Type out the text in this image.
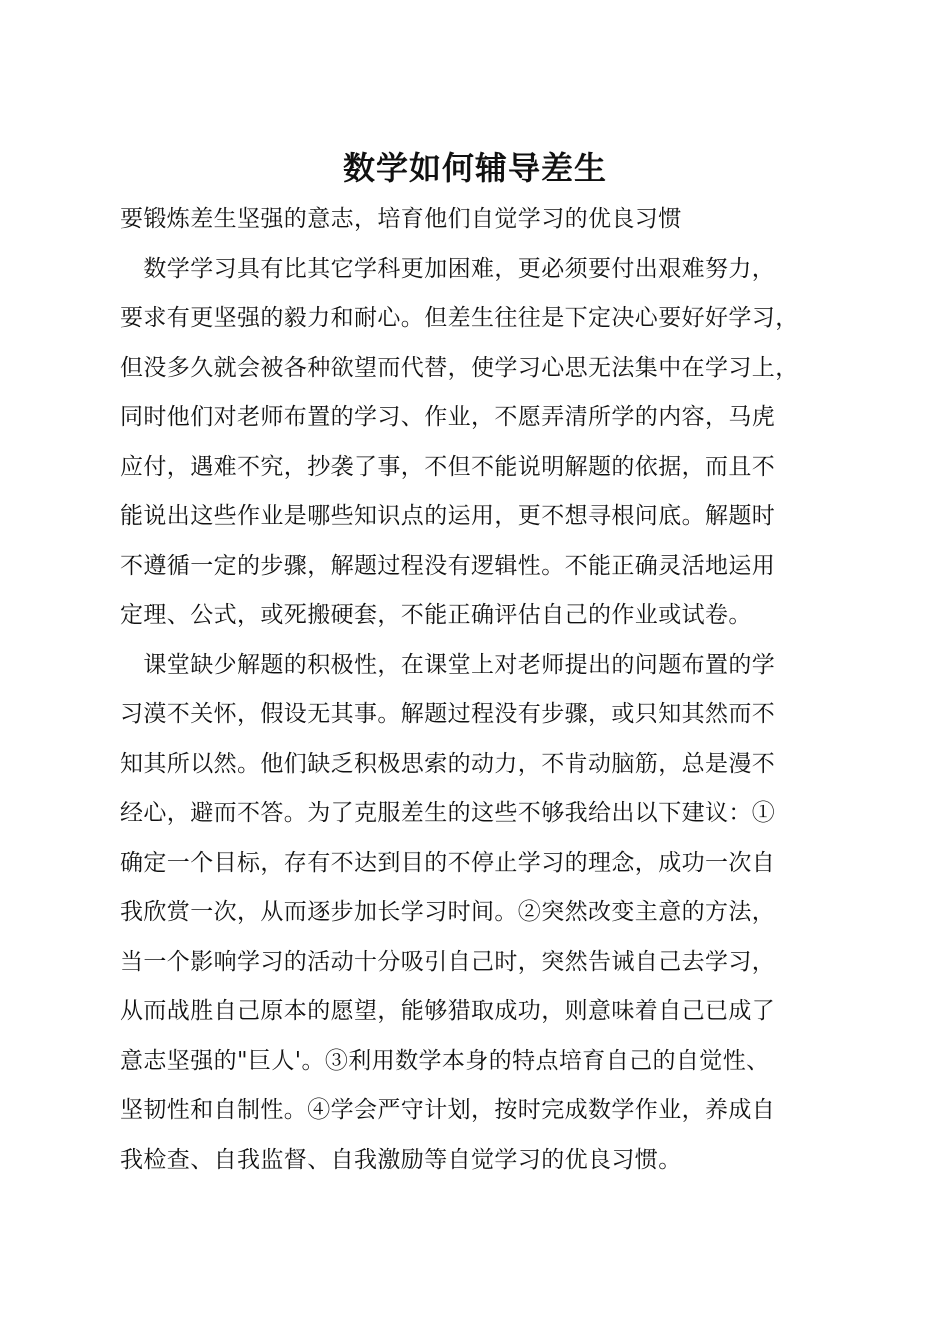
数学如何辅导差生
要锻炼差生坚强的意志，培育他们自觉学习的优良习惯
　数学学习具有比其它学科更加困难，更必须要付出艰难努力，
要求有更坚强的毅力和耐心。但差生往往是下定决心要好好学习，
但没多久就会被各种欲望而代替，使学习心思无法集中在学习上，
同时他们对老师布置的学习、作业，不愿弄清所学的内容，马虎
应付，遇难不究，抄袭了事，不但不能说明解题的依据，而且不
能说出这些作业是哪些知识点的运用，更不想寻根问底。解题时
不遵循一定的步骤，解题过程没有逻辑性。不能正确灵活地运用
定理、公式，或死搬硬套，不能正确评估自己的作业或试卷。
　课堂缺少解题的积极性，在课堂上对老师提出的问题布置的学
习漠不关怀，假设无其事。解题过程没有步骤，或只知其然而不
知其所以然。他们缺乏积极思索的动力，不肯动脑筋，总是漫不
经心，避而不答。为了克服差生的这些不够我给出以下建议：①
确定一个目标，存有不达到目的不停止学习的理念，成功一次自
我欣赏一次，从而逐步加长学习时间。②突然改变主意的方法，
当一个影响学习的活动十分吸引自己时，突然告诫自己去学习，
从而战胜自己原本的愿望，能够猎取成功，则意味着自己已成了
意志坚强的"巨人'。③利用数学本身的特点培育自己的自觉性、
坚韧性和自制性。④学会严守计划，按时完成数学作业，养成自
我检查、自我监督、自我激励等自觉学习的优良习惯。
